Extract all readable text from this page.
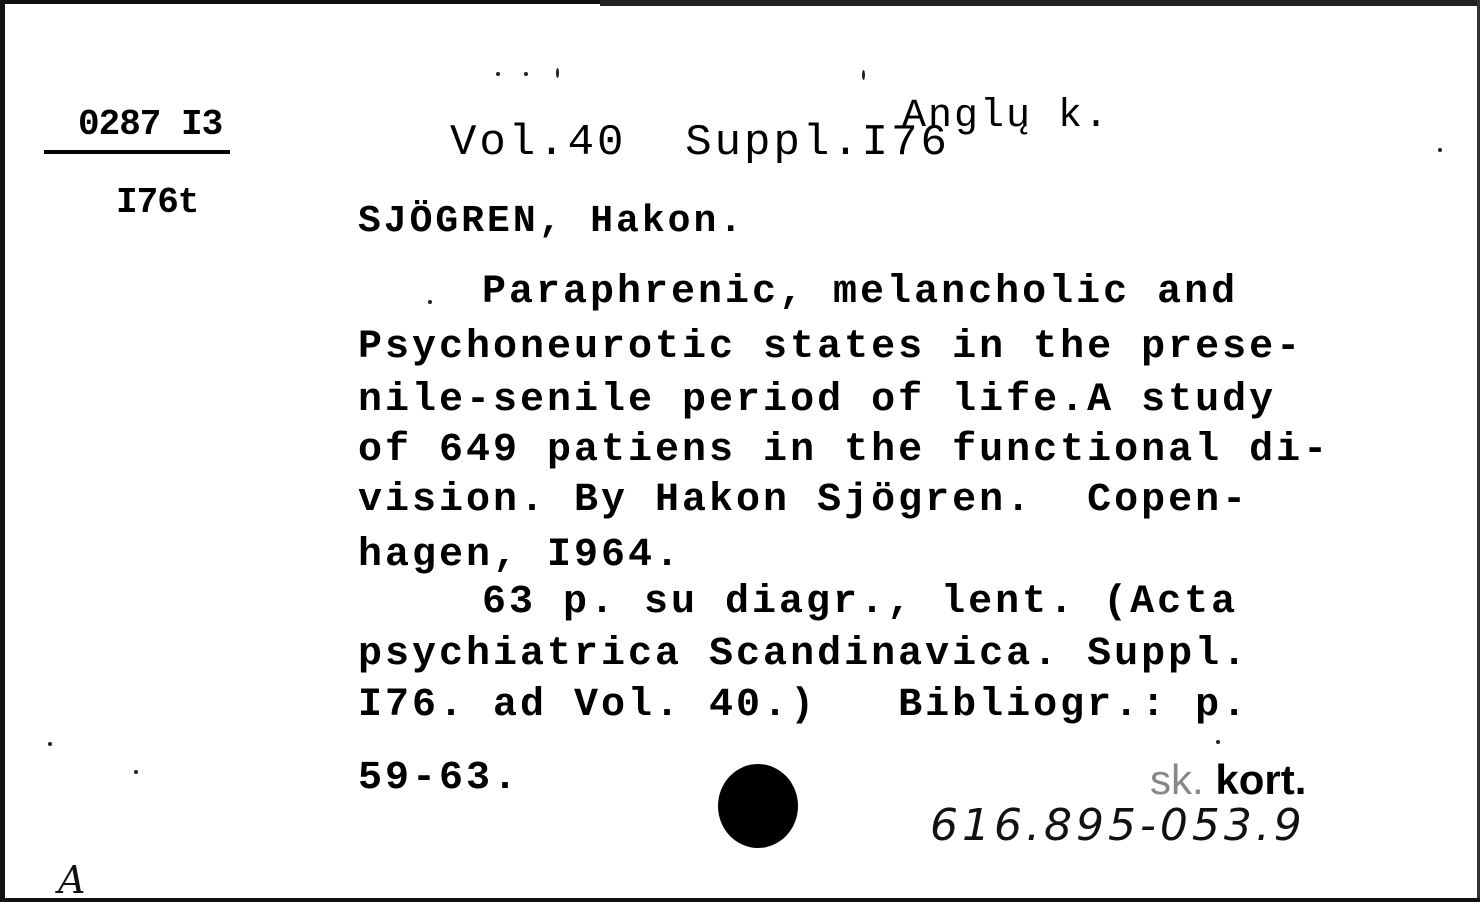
0287 I3
I76t
Vol.40  Suppl.I76
Anglų k.
SJÖGREN, Hakon.
Paraphrenic, melancholic and
Psychoneurotic states in the prese-
nile-senile period of life.A study
of 649 patiens in the functional di-
vision. By Hakon Sjögren.  Copen-
hagen, I964.
63 p. su diagr., lent. (Acta
psychiatrica Scandinavica. Suppl.
I76. ad Vol. 40.)   Bibliogr.: p.
59-63.	sk. kort.
616.895-053.9
A
